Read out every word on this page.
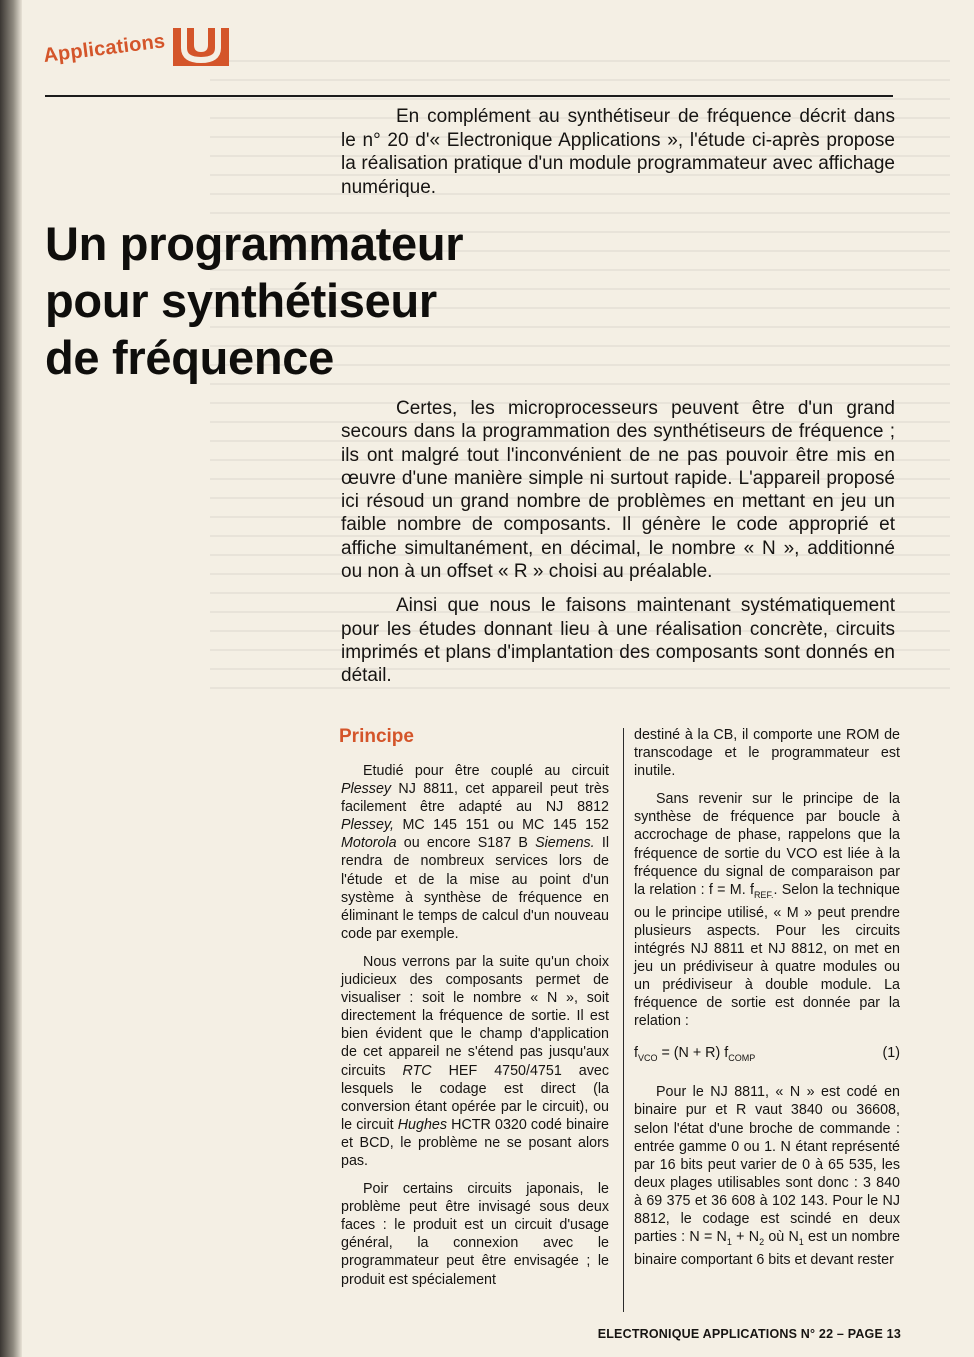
Applications

En complément au synthétiseur de fréquence décrit dans le n° 20 d'« Electronique Applications », l'étude ci-après propose la réalisation pratique d'un module programmateur avec affichage numérique.

Un programmateur
pour synthétiseur
de fréquence

Certes, les microprocesseurs peuvent être d'un grand secours dans la programmation des synthétiseurs de fréquence ; ils ont malgré tout l'inconvénient de ne pas pouvoir être mis en œuvre d'une manière simple ni surtout rapide. L'appareil proposé ici résoud un grand nombre de problèmes en mettant en jeu un faible nombre de composants. Il génère le code approprié et affiche simultanément, en décimal, le nombre « N », additionné ou non à un offset « R » choisi au préalable.

Ainsi que nous le faisons maintenant systématiquement pour les études donnant lieu à une réalisation concrète, circuits imprimés et plans d'implantation des composants sont donnés en détail.

Principe

Etudié pour être couplé au circuit Plessey NJ 8811, cet appareil peut très facilement être adapté au NJ 8812 Plessey, MC 145 151 ou MC 145 152 Motorola ou encore S187 B Siemens. Il rendra de nombreux services lors de l'étude et de la mise au point d'un système à synthèse de fréquence en éliminant le temps de calcul d'un nouveau code par exemple.

Nous verrons par la suite qu'un choix judicieux des composants permet de visualiser : soit le nombre « N », soit directement la fréquence de sortie. Il est bien évident que le champ d'application de cet appareil ne s'étend pas jusqu'aux circuits RTC HEF 4750/4751 avec lesquels le codage est direct (la conversion étant opérée par le circuit), ou le circuit Hughes HCTR 0320 codé binaire et BCD, le problème ne se posant alors pas.

Poir certains circuits japonais, le problème peut être invisagé sous deux faces : le produit est un circuit d'usage général, la connexion avec le programmateur peut être envisagée ; le produit est spécialement

destiné à la CB, il comporte une ROM de transcodage et le programmateur est inutile.

Sans revenir sur le principe de la synthèse de fréquence par boucle à accrochage de phase, rappelons que la fréquence de sortie du VCO est liée à la fréquence du signal de comparaison par la relation : f = M. $f_{REF.}$. Selon la technique ou le principe utilisé, « M » peut prendre plusieurs aspects. Pour les circuits intégrés NJ 8811 et NJ 8812, on met en jeu un prédiviseur à quatre modules ou un prédiviseur à double module. La fréquence de sortie est donnée par la relation :

$f_{VCO} = (N + R)$ $f_{COMP}$	(1)

Pour le NJ 8811, « N » est codé en binaire pur et R vaut 3840 ou 36608, selon l'état d'une broche de commande : entrée gamme 0 ou 1. N étant représenté par 16 bits peut varier de 0 à 65 535, les deux plages utilisables sont donc : 3 840 à 69 375 et 36 608 à 102 143. Pour le NJ 8812, le codage est scindé en deux parties : $N = N_1 + N_2$ où $N_1$ est un nombre binaire comportant 6 bits et devant rester

ELECTRONIQUE APPLICATIONS N° 22 – PAGE 13
